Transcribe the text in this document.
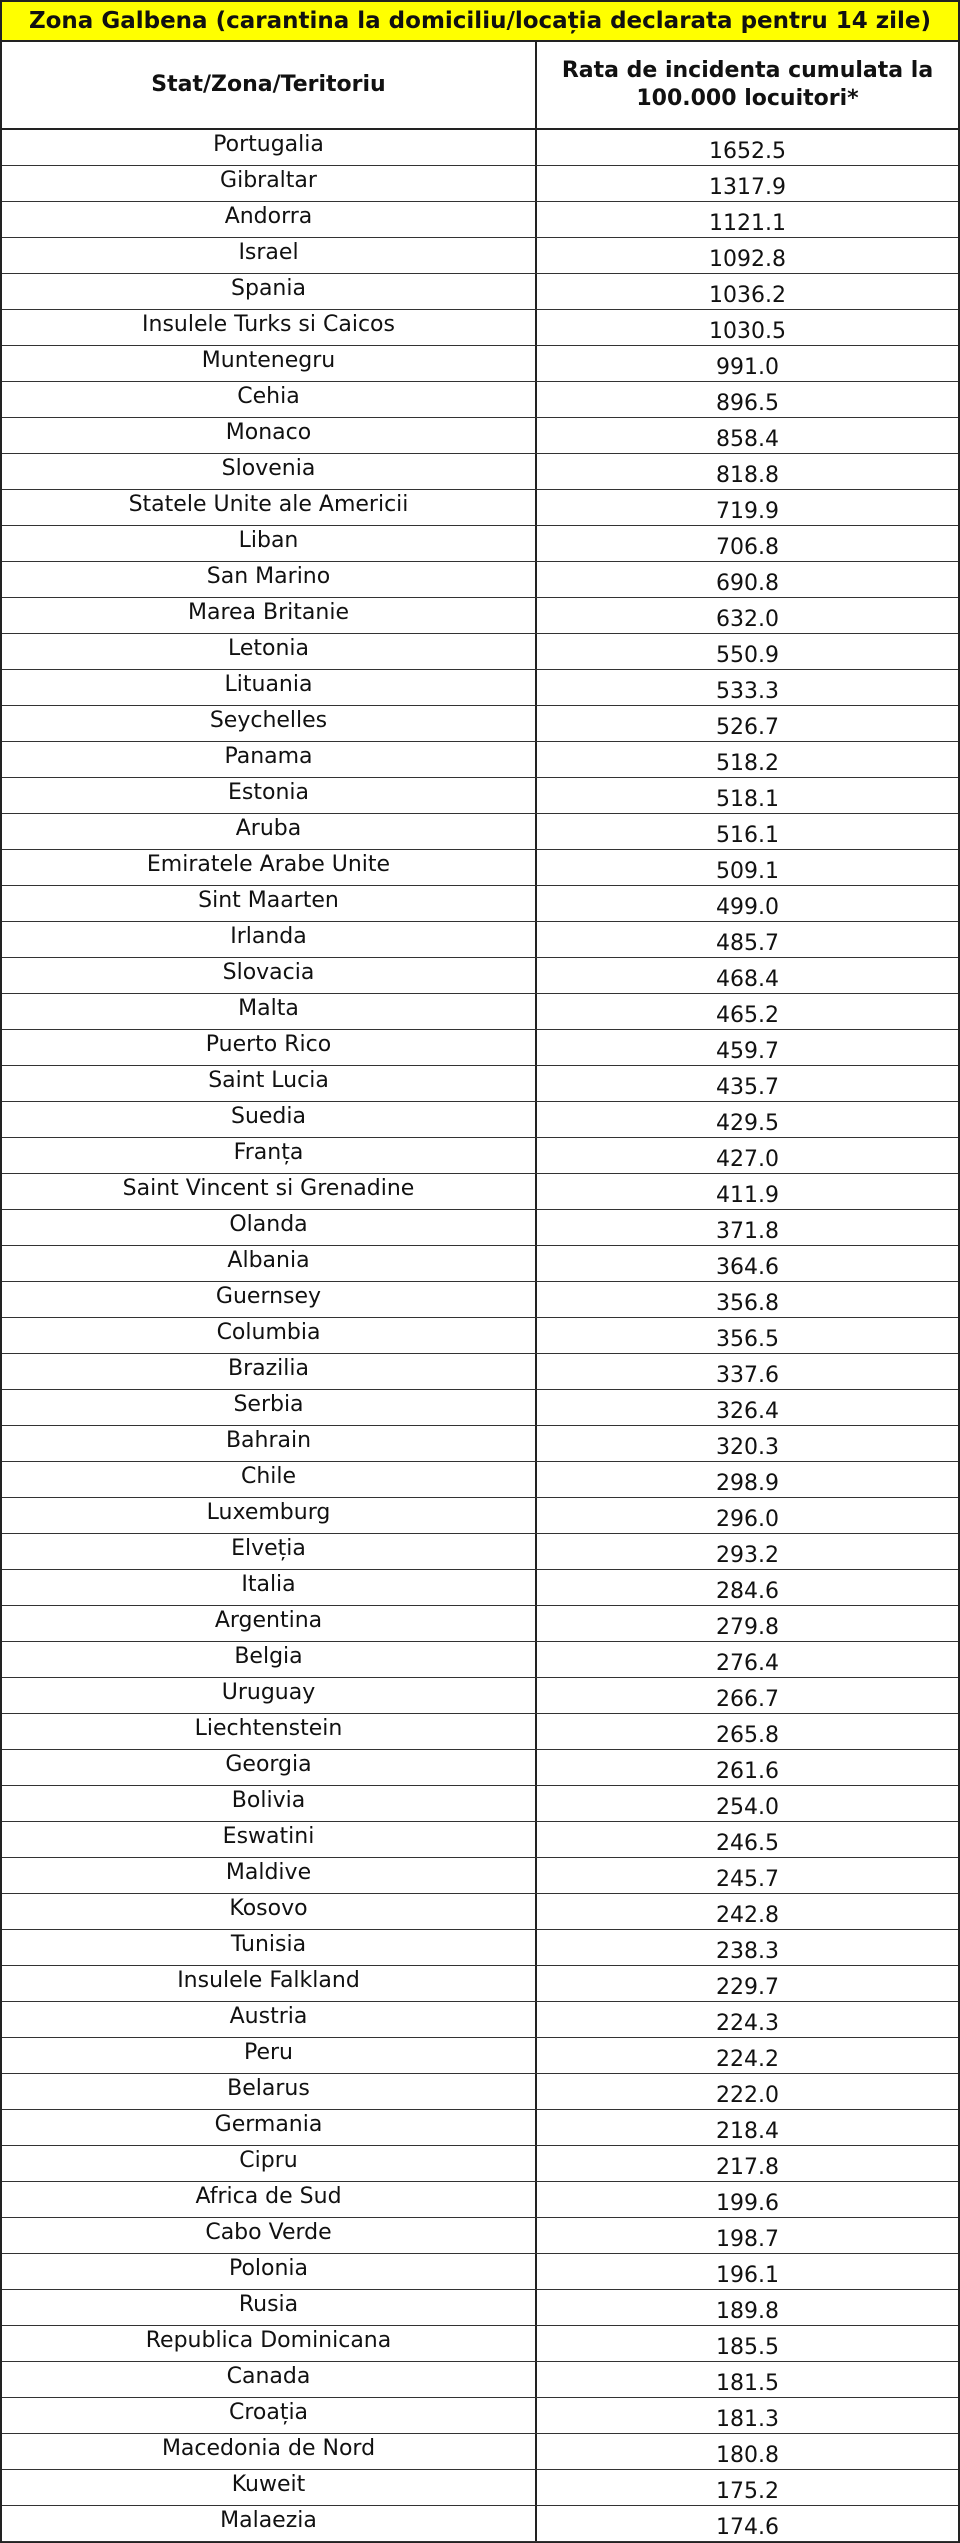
Zona Galbena (carantina la domiciliu/locația declarata pentru 14 zile)
Stat/Zona/Teritoriu
Rata de incidenta cumulata la
100.000 locuitori*
Portugalia	1652.5
Gibraltar	1317.9
Andorra	1121.1
Israel	1092.8
Spania	1036.2
Insulele Turks si Caicos	1030.5
Muntenegru	991.0
Cehia	896.5
Monaco	858.4
Slovenia	818.8
Statele Unite ale Americii	719.9
Liban	706.8
San Marino	690.8
Marea Britanie	632.0
Letonia	550.9
Lituania	533.3
Seychelles	526.7
Panama	518.2
Estonia	518.1
Aruba	516.1
Emiratele Arabe Unite	509.1
Sint Maarten	499.0
Irlanda	485.7
Slovacia	468.4
Malta	465.2
Puerto Rico	459.7
Saint Lucia	435.7
Suedia	429.5
Franța	427.0
Saint Vincent si Grenadine	411.9
Olanda	371.8
Albania	364.6
Guernsey	356.8
Columbia	356.5
Brazilia	337.6
Serbia	326.4
Bahrain	320.3
Chile	298.9
Luxemburg	296.0
Elveția	293.2
Italia	284.6
Argentina	279.8
Belgia	276.4
Uruguay	266.7
Liechtenstein	265.8
Georgia	261.6
Bolivia	254.0
Eswatini	246.5
Maldive	245.7
Kosovo	242.8
Tunisia	238.3
Insulele Falkland	229.7
Austria	224.3
Peru	224.2
Belarus	222.0
Germania	218.4
Cipru	217.8
Africa de Sud	199.6
Cabo Verde	198.7
Polonia	196.1
Rusia	189.8
Republica Dominicana	185.5
Canada	181.5
Croația	181.3
Macedonia de Nord	180.8
Kuweit	175.2
Malaezia	174.6
